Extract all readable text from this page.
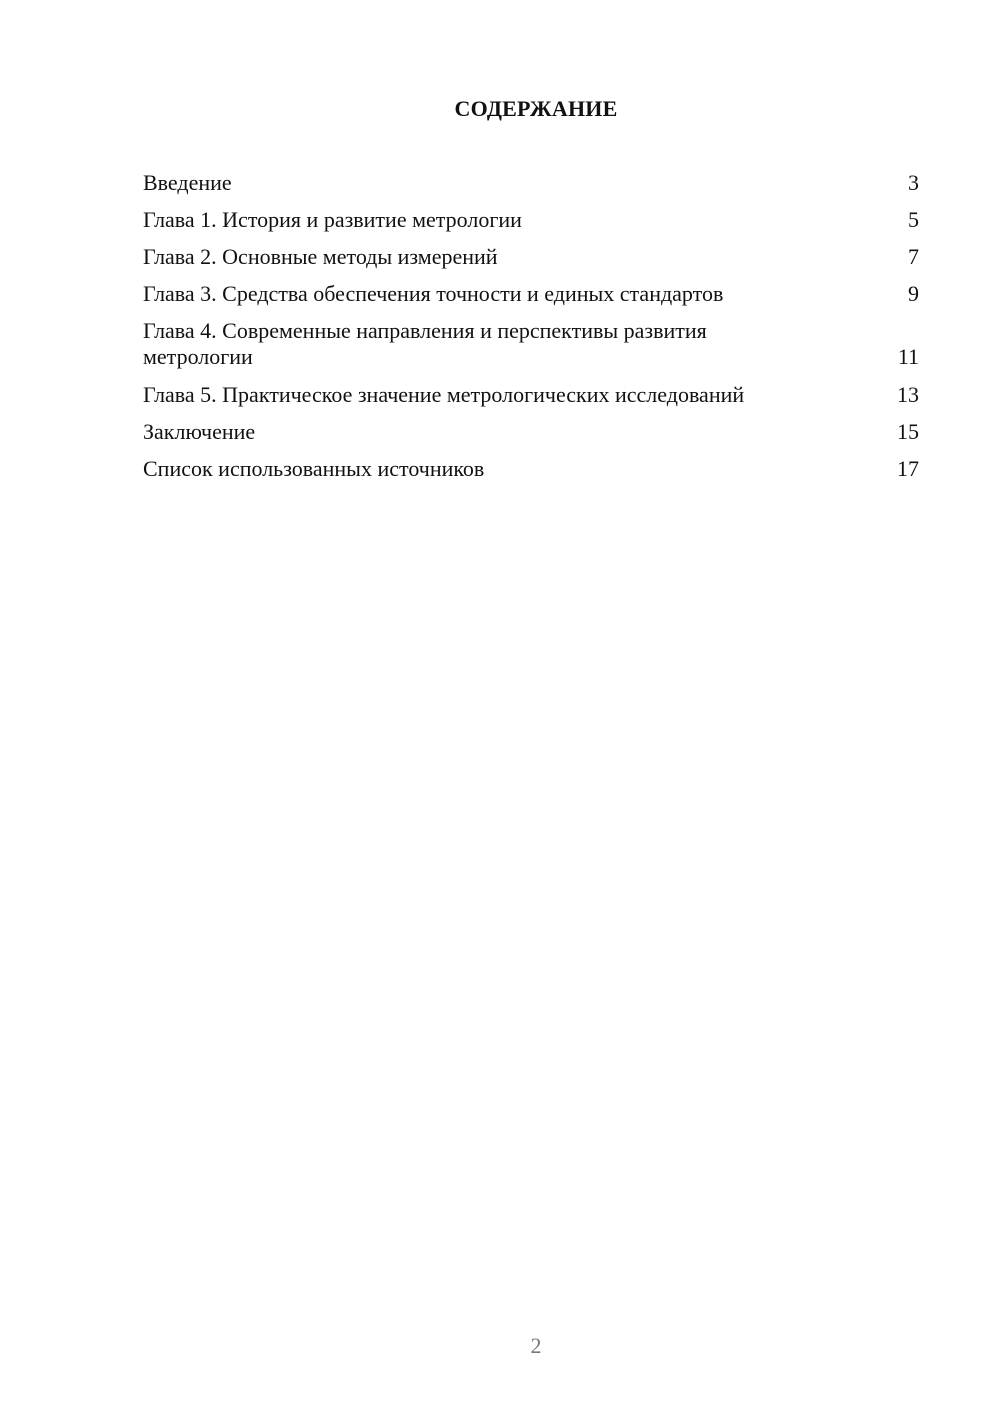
СОДЕРЖАНИЕ
Введение	3
Глава 1. История и развитие метрологии	5
Глава 2. Основные методы измерений	7
Глава 3. Средства обеспечения точности и единых стандартов	9
Глава 4. Современные направления и перспективы развития метрологии	11
Глава 5. Практическое значение метрологических исследований	13
Заключение	15
Список использованных источников	17
2
